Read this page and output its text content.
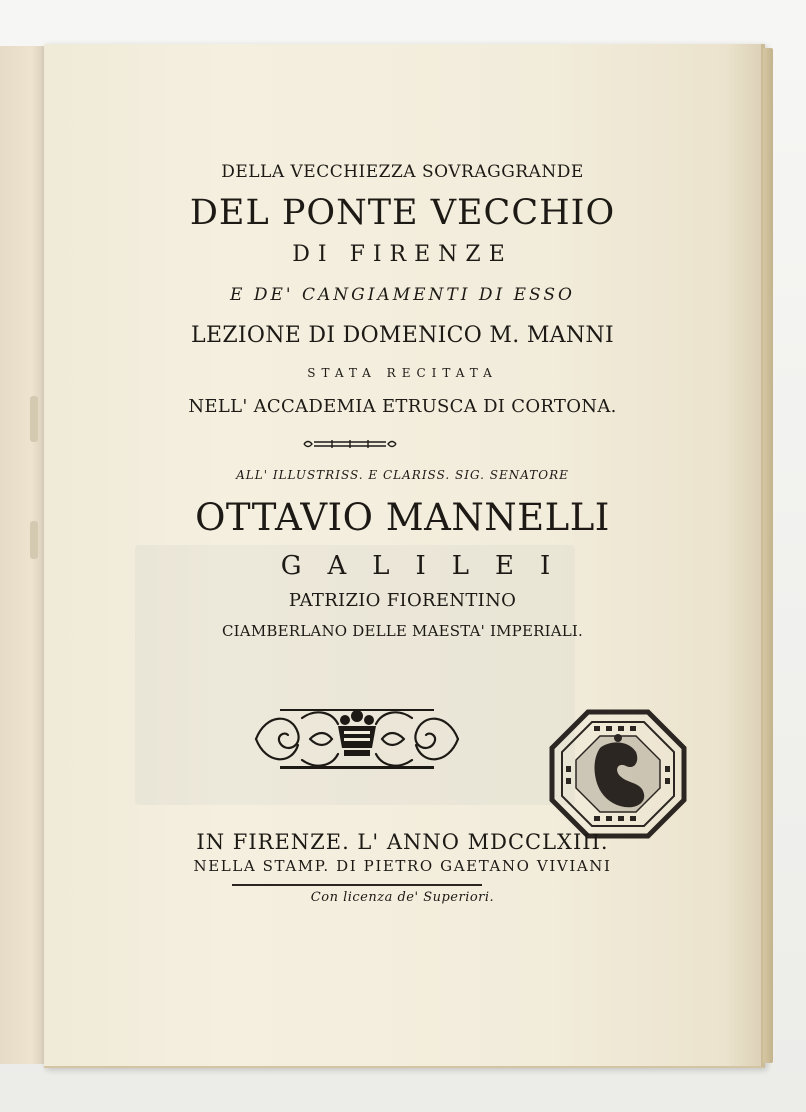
DELLA VECCHIEZZA SOVRAGGRANDE
DEL PONTE VECCHIO
DI FIRENZE
E DE' CANGIAMENTI DI ESSO
LEZIONE DI DOMENICO M. MANNI
STATA RECITATA
NELL' ACCADEMIA ETRUSCA DI CORTONA.
ALL' ILLUSTRISS. E CLARISS. SIG. SENATORE
OTTAVIO MANNELLI
GALILEI
PATRIZIO FIORENTINO
CIAMBERLANO DELLE MAESTA' IMPERIALI.
IN FIRENZE. L' ANNO MDCCLXIII.
NELLA STAMP. DI PIETRO GAETANO VIVIANI
Con licenza de' Superiori.
